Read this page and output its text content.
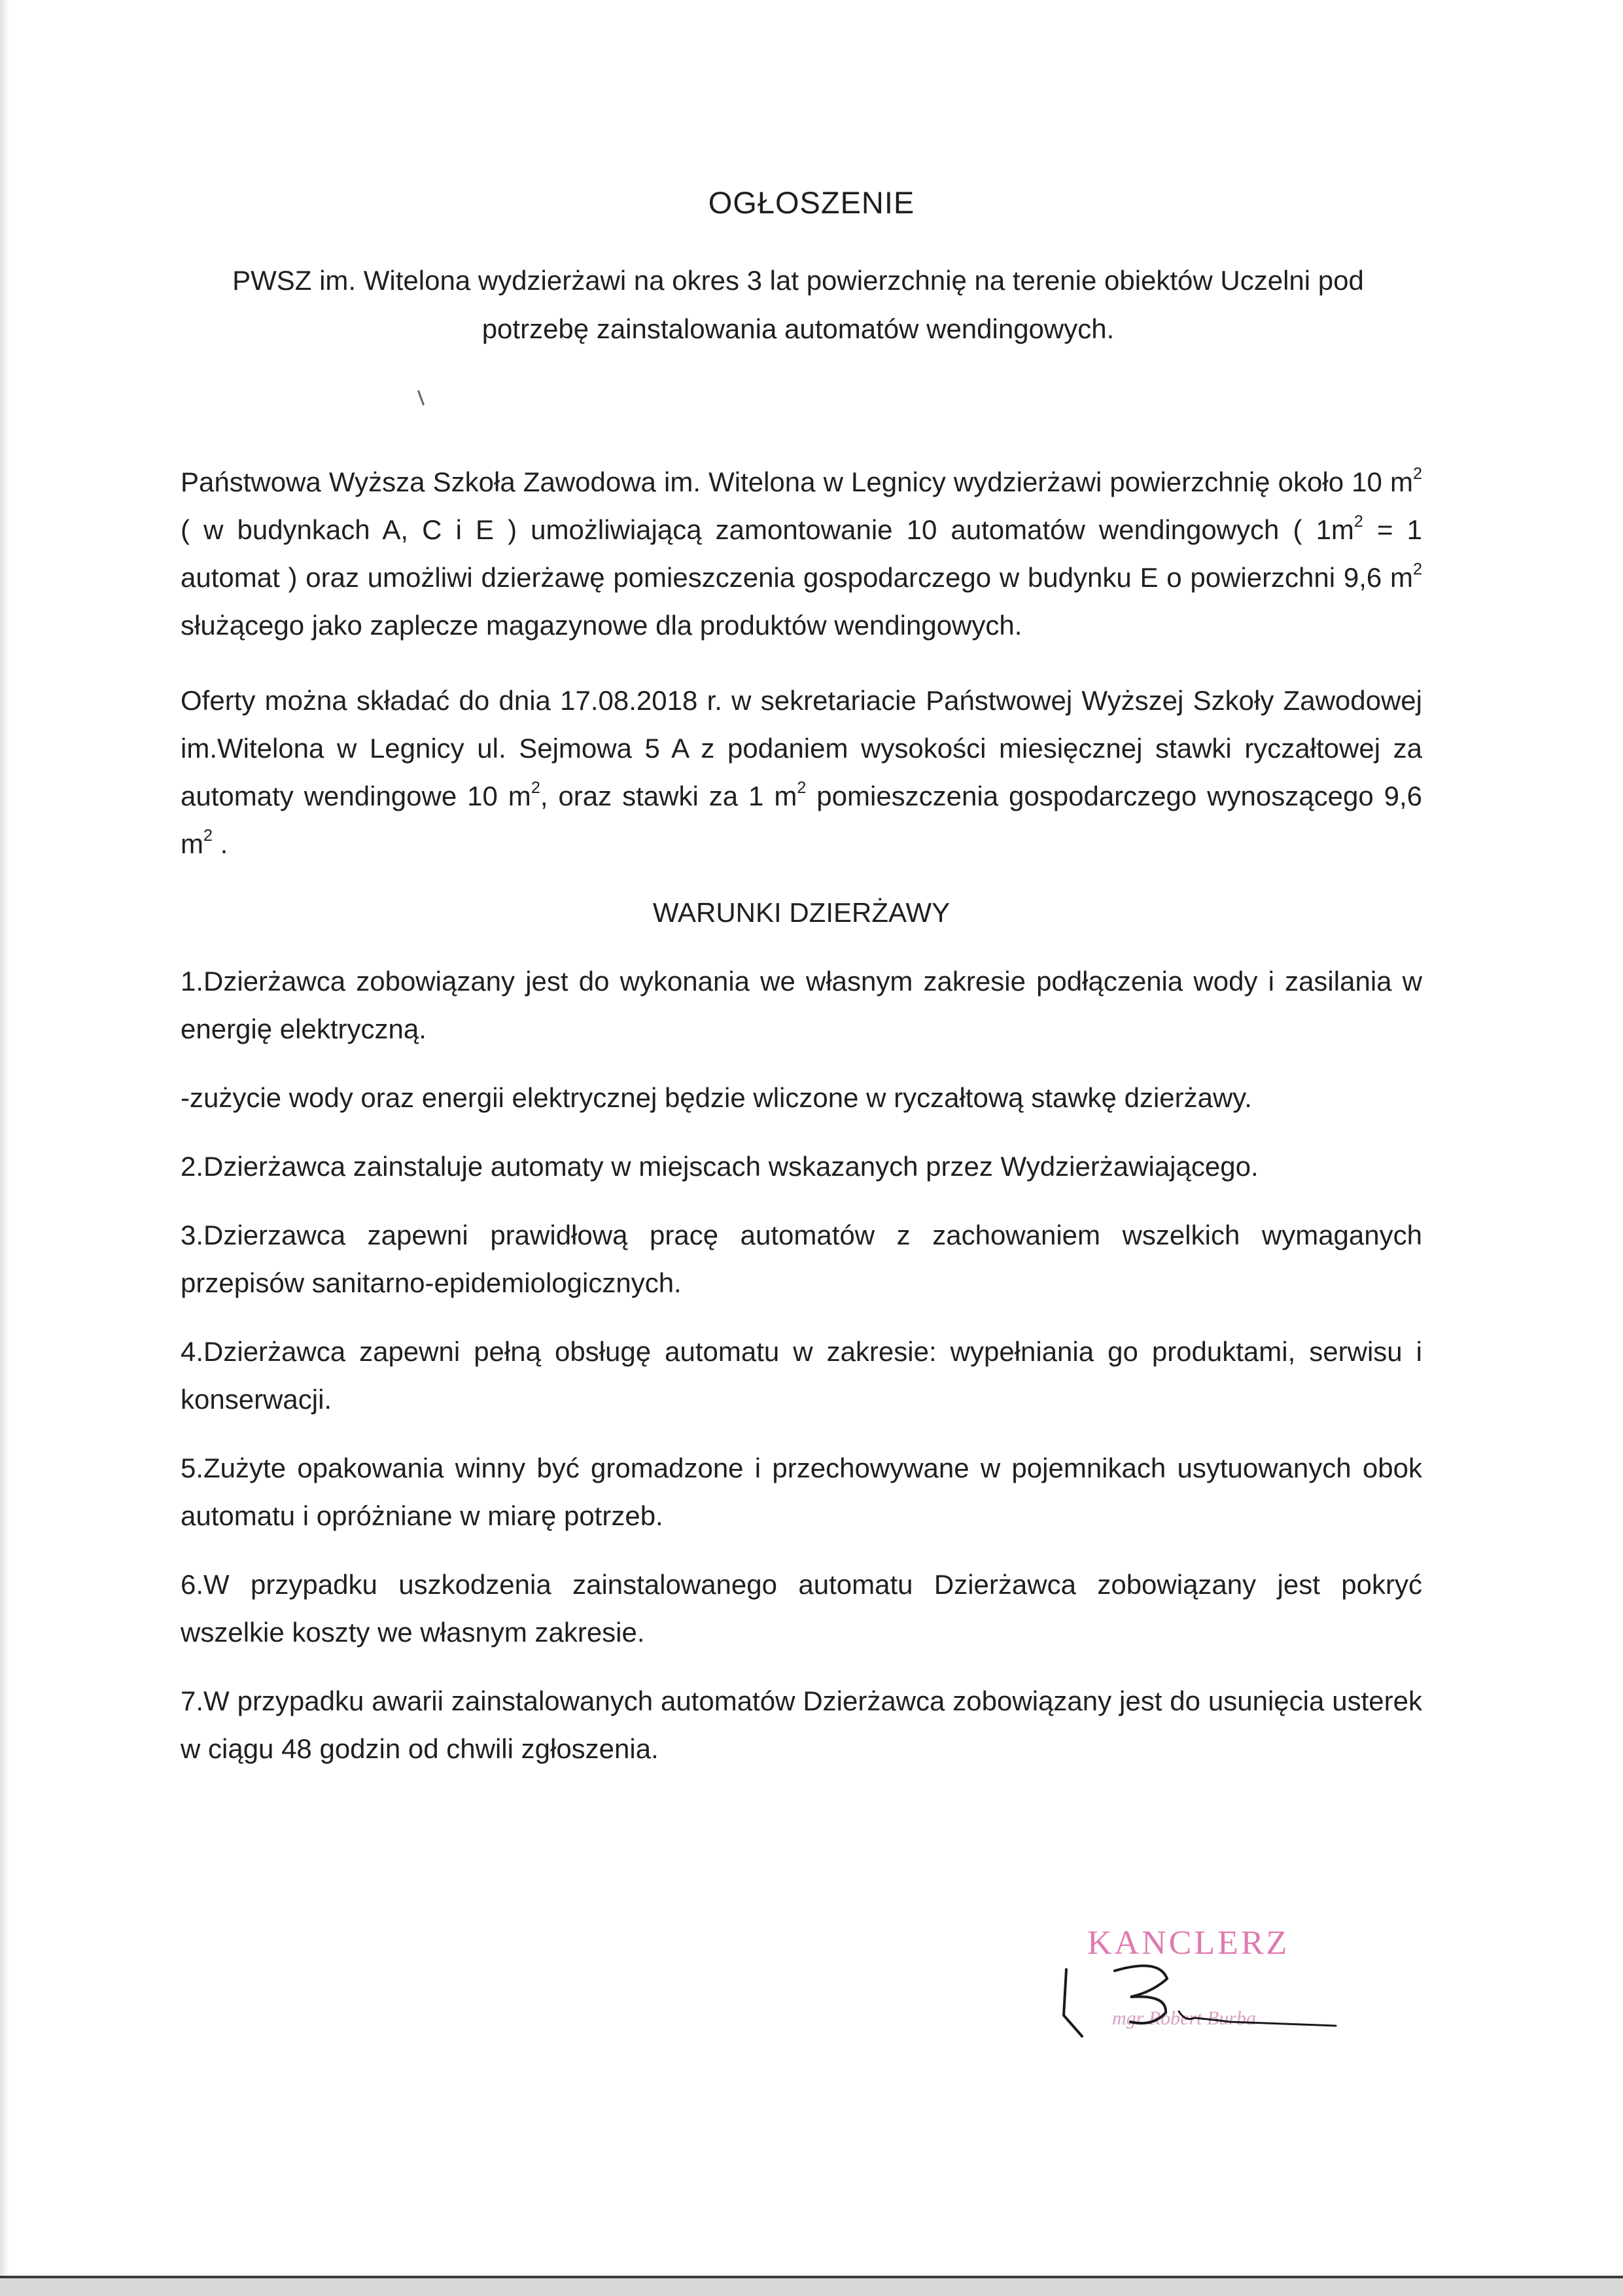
OGŁOSZENIE
PWSZ im. Witelona wydzierżawi na okres 3 lat powierzchnię na terenie obiektów Uczelni pod
potrzebę zainstalowania automatów wendingowych.

Państwowa Wyższa Szkoła Zawodowa im. Witelona w Legnicy wydzierżawi powierzchnię około 10 $m^2$ ( w budynkach A, C i E ) umożliwiającą zamontowanie 10 automatów wendingowych ( $1m^2 = 1$ automat ) oraz umożliwi dzierżawę pomieszczenia gospodarczego w budynku E o powierzchni 9,6 $m^2$ służącego jako zaplecze magazynowe dla produktów wendingowych.

Oferty można składać do dnia 17.08.2018 r. w sekretariacie Państwowej Wyższej Szkoły Zawodowej im.Witelona w Legnicy ul. Sejmowa 5 A z podaniem wysokości miesięcznej stawki ryczałtowej za automaty wendingowe 10 $m^2$, oraz stawki za 1 $m^2$ pomieszczenia gospodarczego wynoszącego 9,6 $m^2$ .

WARUNKI DZIERŻAWY

1.Dzierżawca zobowiązany jest do wykonania we własnym zakresie podłączenia wody i zasilania w energię elektryczną.

-zużycie wody oraz energii elektrycznej będzie wliczone w ryczałtową stawkę dzierżawy.

2.Dzierżawca zainstaluje automaty w miejscach wskazanych przez Wydzierżawiającego.

3.Dzierzawca zapewni prawidłową pracę automatów z zachowaniem wszelkich wymaganych przepisów sanitarno-epidemiologicznych.

4.Dzierżawca zapewni pełną obsługę automatu w zakresie: wypełniania go produktami, serwisu i konserwacji.

5.Zużyte opakowania winny być gromadzone i przechowywane w pojemnikach usytuowanych obok automatu i opróżniane w miarę potrzeb.

6.W przypadku uszkodzenia zainstalowanego automatu Dzierżawca zobowiązany jest pokryć wszelkie koszty we własnym zakresie.

7.W przypadku awarii zainstalowanych automatów Dzierżawca zobowiązany jest do usunięcia usterek w ciągu 48 godzin od chwili zgłoszenia.

KANCLERZ
mgr Robert Burba
